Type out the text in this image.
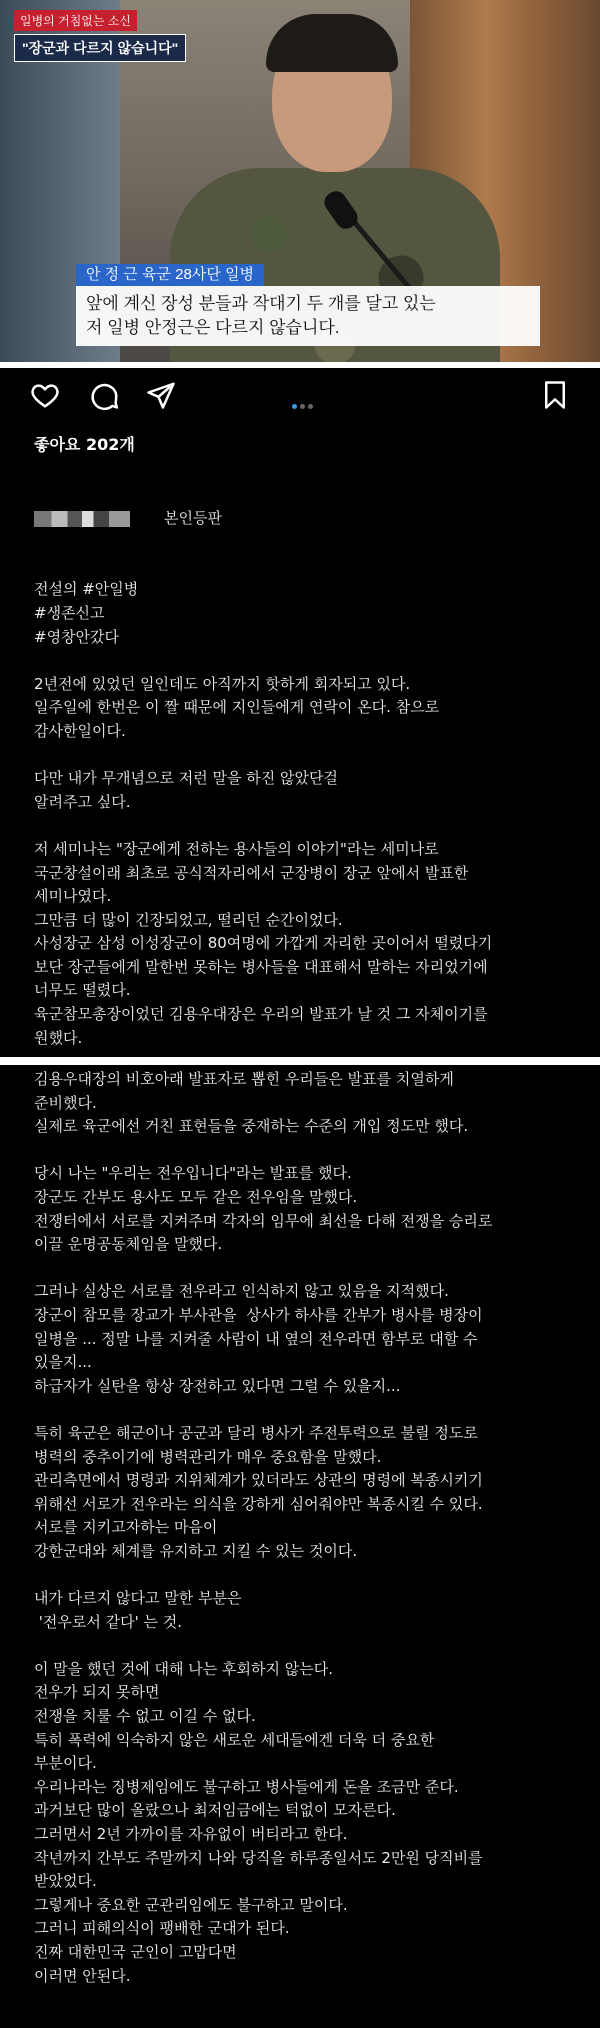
일병의 거침없는 소신
"장군과 다르지 않습니다"
안 정 근 육군 28사단 일병
앞에 계신 장성 분들과 작대기 두 개를 달고 있는
저 일병 안정근은 다르지 않습니다.
좋아요 202개

본인등판

전설의 #안일병
#생존신고
#영창안갔다

2년전에 있었던 일인데도 아직까지 핫하게 회자되고 있다.
일주일에 한번은 이 짤 때문에 지인들에게 연락이 온다. 참으로
감사한일이다.

다만 내가 무개념으로 저런 말을 하진 않았단걸
알려주고 싶다.

저 세미나는 "장군에게 전하는 용사들의 이야기"라는 세미나로
국군창설이래 최초로 공식적자리에서 군장병이 장군 앞에서 발표한
세미나였다.
그만큼 더 많이 긴장되었고, 떨리던 순간이었다.
사성장군 삼성 이성장군이 80여명에 가깝게 자리한 곳이어서 떨렸다기
보단 장군들에게 말한번 못하는 병사들을 대표해서 말하는 자리었기에
너무도 떨렸다.
육군참모총장이었던 김용우대장은 우리의 발표가 날 것 그 자체이기를
원했다.

김용우대장의 비호아래 발표자로 뽑힌 우리들은 발표를 치열하게
준비했다.
실제로 육군에선 거친 표현들을 중재하는 수준의 개입 정도만 했다.

당시 나는 "우리는 전우입니다"라는 발표를 했다.
장군도 간부도 용사도 모두 같은 전우임을 말했다.
전쟁터에서 서로를 지켜주며 각자의 임무에 최선을 다해 전쟁을 승리로
이끌 운명공동체임을 말했다.

그러나 실상은 서로를 전우라고 인식하지 않고 있음을 지적했다.
장군이 참모를 장교가 부사관을  상사가 하사를 간부가 병사를 병장이
일병을 ... 정말 나를 지켜줄 사람이 내 옆의 전우라면 함부로 대할 수
있을지...
하급자가 실탄을 항상 장전하고 있다면 그럴 수 있을지...

특히 육군은 해군이나 공군과 달리 병사가 주전투력으로 불릴 정도로
병력의 중추이기에 병력관리가 매우 중요함을 말했다.
관리측면에서 명령과 지위체계가 있더라도 상관의 명령에 복종시키기
위해선 서로가 전우라는 의식을 강하게 심어줘야만 복종시킬 수 있다.
서로를 지키고자하는 마음이
강한군대와 체계를 유지하고 지킬 수 있는 것이다.

내가 다르지 않다고 말한 부분은
'전우로서 같다' 는 것.

이 말을 했던 것에 대해 나는 후회하지 않는다.
전우가 되지 못하면
전쟁을 치룰 수 없고 이길 수 없다.
특히 폭력에 익숙하지 않은 새로운 세대들에겐 더욱 더 중요한
부분이다.
우리나라는 징병제임에도 불구하고 병사들에게 돈을 조금만 준다.
과거보단 많이 올랐으나 최저임금에는 턱없이 모자른다.
그러면서 2년 가까이를 자유없이 버티라고 한다.
작년까지 간부도 주말까지 나와 당직을 하루종일서도 2만원 당직비를
받았었다.
그렇게나 중요한 군관리임에도 불구하고 말이다.
그러니 피해의식이 팽배한 군대가 된다.
진짜 대한민국 군인이 고맙다면
이러면 안된다.
